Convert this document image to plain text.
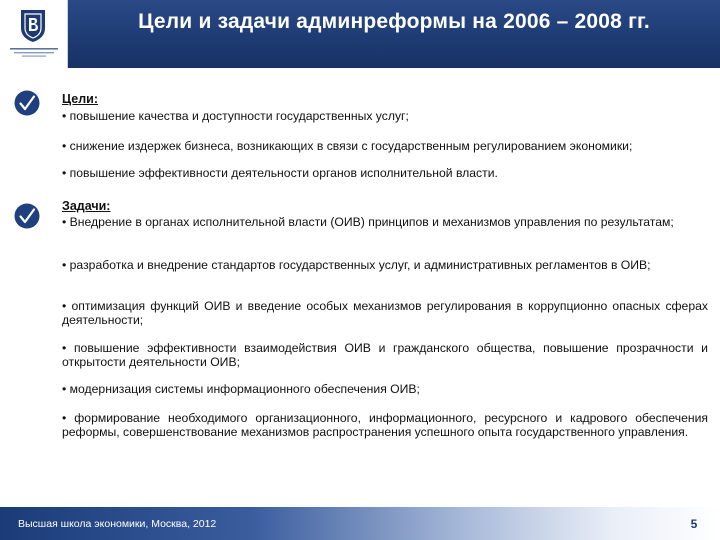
Цели и задачи админреформы на 2006 – 2008 гг.
Цели:

• повышение качества и доступности государственных услуг;

• снижение издержек бизнеса, возникающих в связи с государственным регулированием экономики;

• повышение эффективности деятельности органов исполнительной власти.

Задачи:

• Внедрение в органах исполнительной власти (ОИВ) принципов и механизмов управления по результатам;

• разработка и внедрение стандартов государственных услуг, и административных регламентов в ОИВ;

• оптимизация функций ОИВ и введение особых механизмов регулирования в коррупционно опасных сферах деятельности;

• повышение эффективности взаимодействия ОИВ и гражданского общества, повышение прозрачности и открытости деятельности ОИВ;

• модернизация системы информационного обеспечения ОИВ;

• формирование необходимого организационного, информационного, ресурсного и кадрового обеспечения реформы, совершенствование механизмов распространения успешного опыта государственного управления.

Высшая школа экономики, Москва, 2012	5
